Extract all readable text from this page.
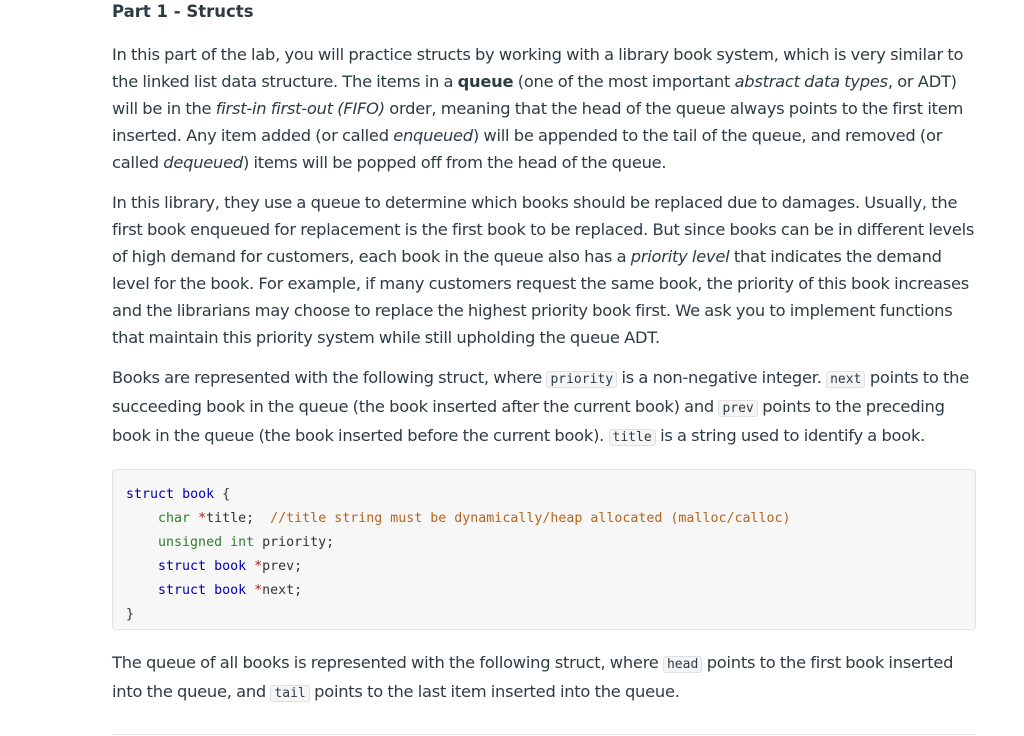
Part 1 - Structs

In this part of the lab, you will practice structs by working with a library book system, which is very similar to the linked list data structure. The items in a queue (one of the most important abstract data types, or ADT) will be in the first-in first-out (FIFO) order, meaning that the head of the queue always points to the first item inserted. Any item added (or called enqueued) will be appended to the tail of the queue, and removed (or called dequeued) items will be popped off from the head of the queue.

In this library, they use a queue to determine which books should be replaced due to damages. Usually, the first book enqueued for replacement is the first book to be replaced. But since books can be in different levels of high demand for customers, each book in the queue also has a priority level that indicates the demand level for the book. For example, if many customers request the same book, the priority of this book increases and the librarians may choose to replace the highest priority book first. We ask you to implement functions that maintain this priority system while still upholding the queue ADT.

Books are represented with the following struct, where priority is a non-negative integer. next points to the succeeding book in the queue (the book inserted after the current book) and prev points to the preceding book in the queue (the book inserted before the current book). title is a string used to identify a book.

struct book {
char *title; //title string must be dynamically/heap allocated (malloc/calloc)
unsigned int priority;
struct book *prev;
struct book *next;
}

The queue of all books is represented with the following struct, where head points to the first book inserted into the queue, and tail points to the last item inserted into the queue.
